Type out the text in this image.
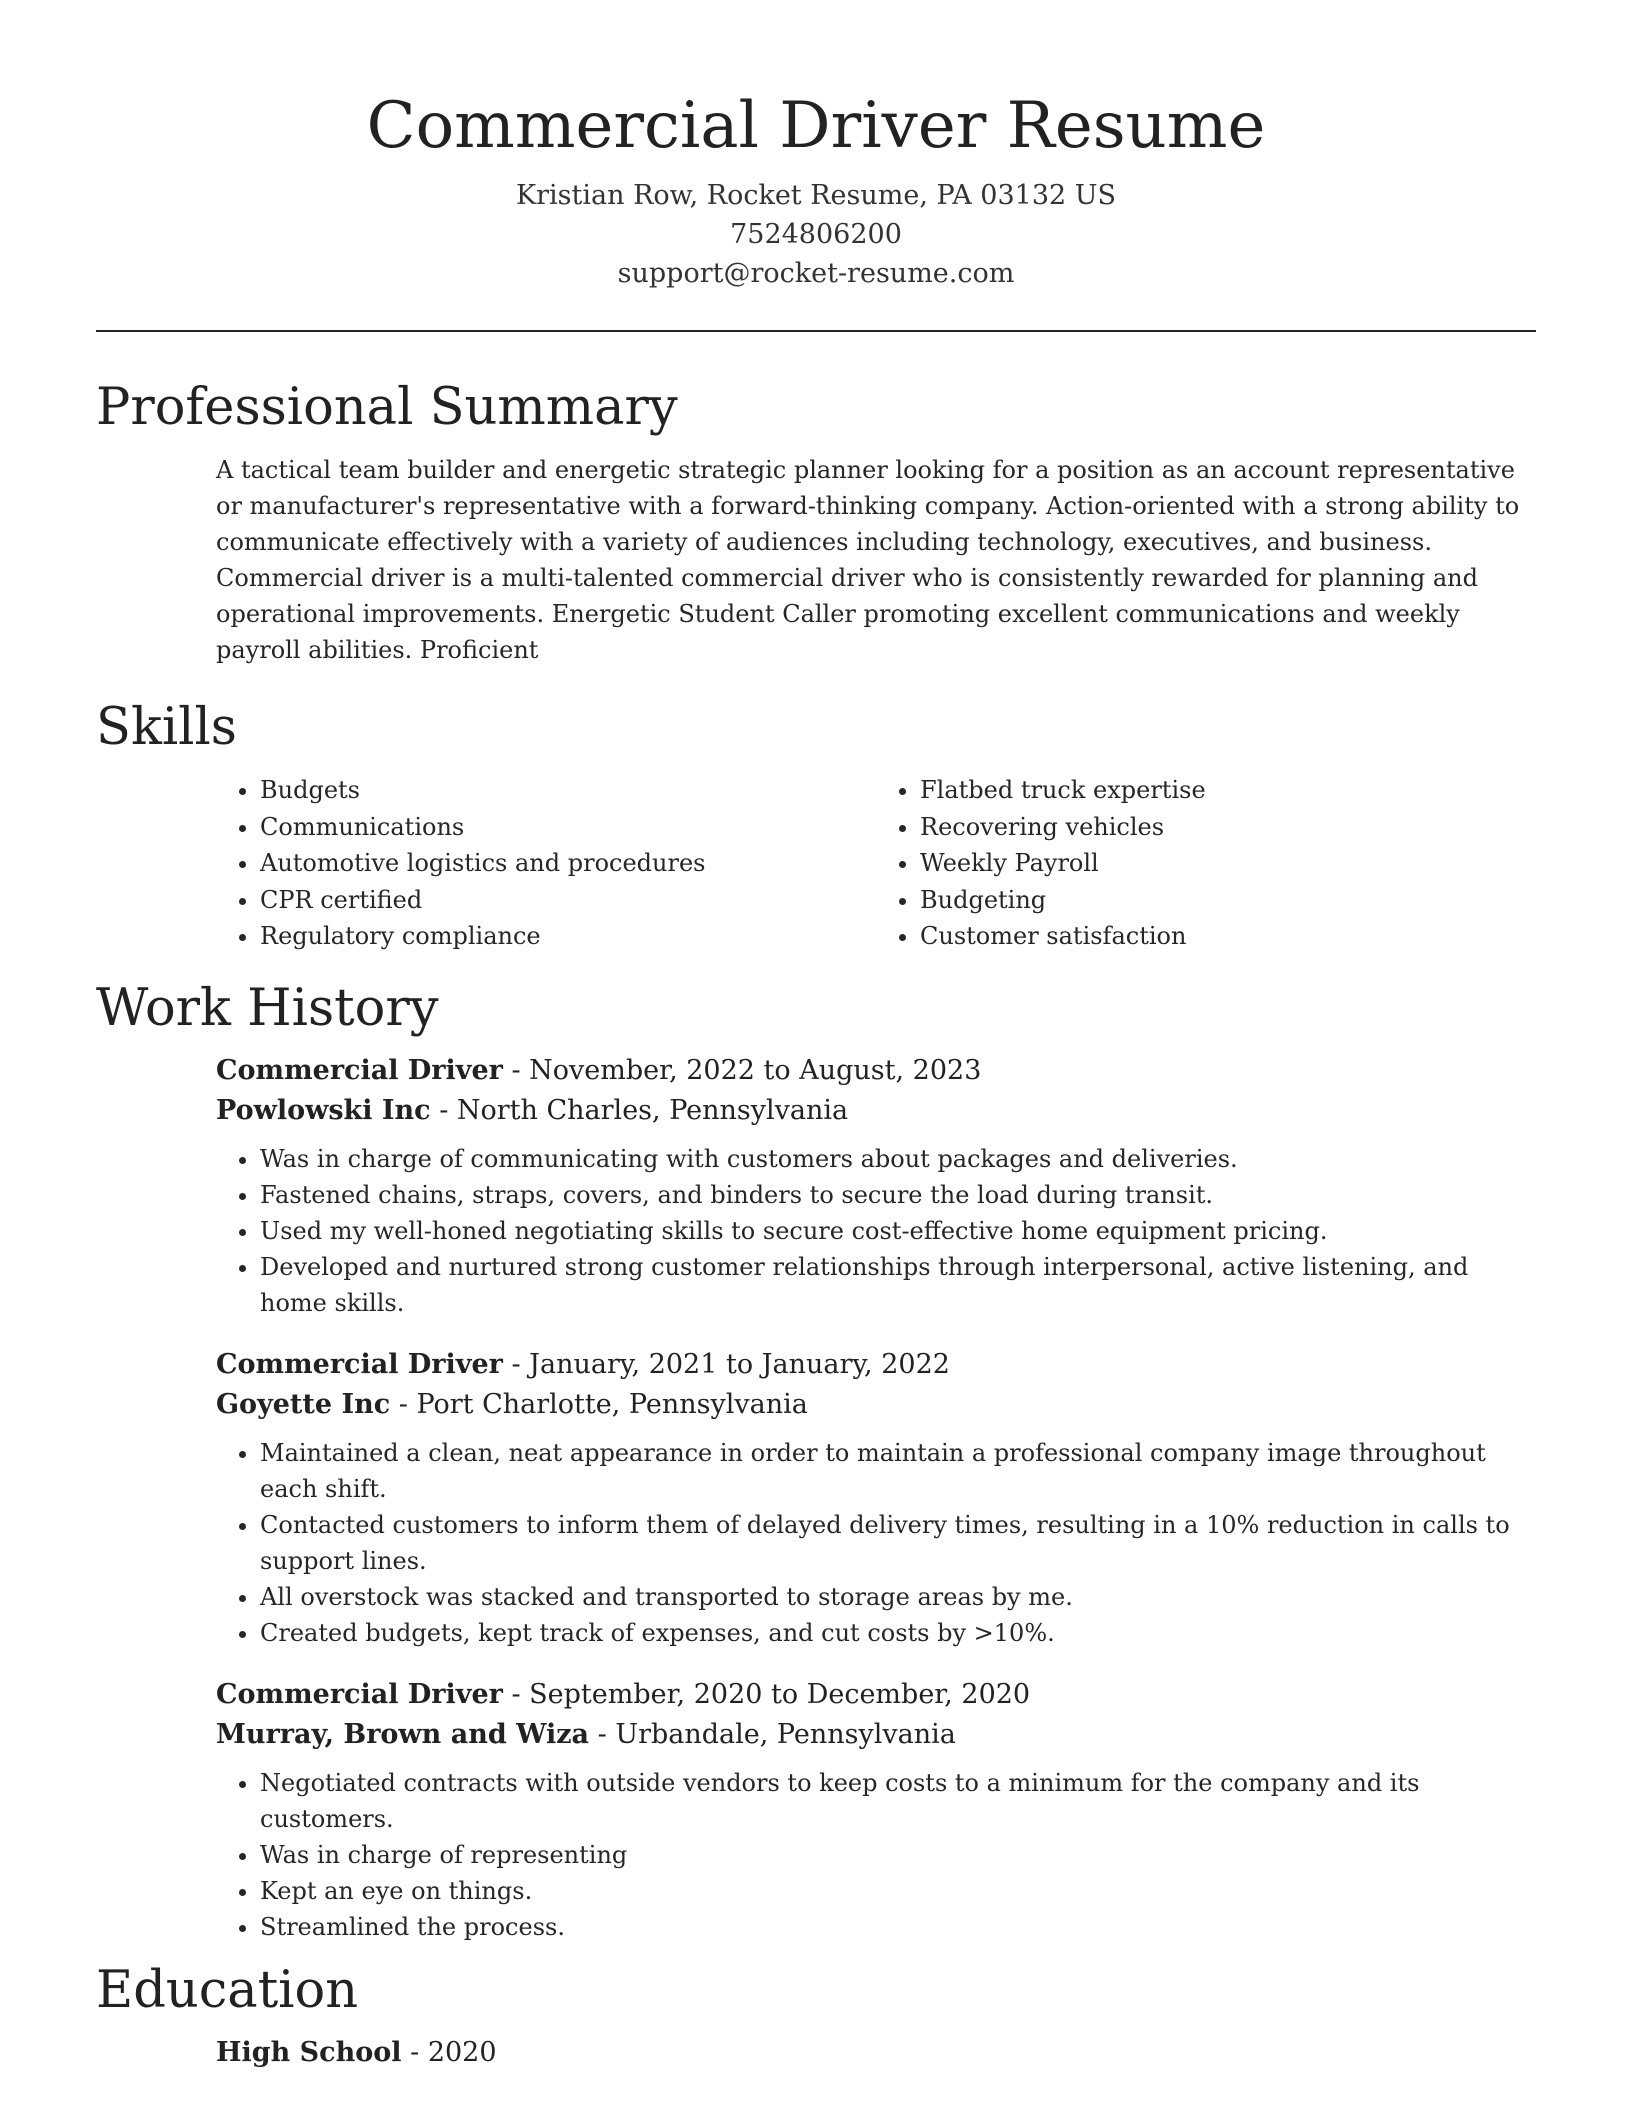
Commercial Driver Resume
Kristian Row, Rocket Resume, PA 03132 US
7524806200
support@rocket-resume.com
Professional Summary

A tactical team builder and energetic strategic planner looking for a position as an account representative or manufacturer's representative with a forward-thinking company. Action-oriented with a strong ability to communicate effectively with a variety of audiences including technology, executives, and business. Commercial driver is a multi-talented commercial driver who is consistently rewarded for planning and operational improvements. Energetic Student Caller promoting excellent communications and weekly payroll abilities. Proficient

Skills
• Budgets
• Communications
• Automotive logistics and procedures
• CPR certified
• Regulatory compliance
• Flatbed truck expertise
• Recovering vehicles
• Weekly Payroll
• Budgeting
• Customer satisfaction
Work History
Commercial Driver - November, 2022 to August, 2023
Powlowski Inc - North Charles, Pennsylvania
• Was in charge of communicating with customers about packages and deliveries.
• Fastened chains, straps, covers, and binders to secure the load during transit.
• Used my well-honed negotiating skills to secure cost-effective home equipment pricing.
• Developed and nurtured strong customer relationships through interpersonal, active listening, and home skills.
Commercial Driver - January, 2021 to January, 2022
Goyette Inc - Port Charlotte, Pennsylvania
• Maintained a clean, neat appearance in order to maintain a professional company image throughout each shift.
• Contacted customers to inform them of delayed delivery times, resulting in a 10% reduction in calls to support lines.
• All overstock was stacked and transported to storage areas by me.
• Created budgets, kept track of expenses, and cut costs by >10%.
Commercial Driver - September, 2020 to December, 2020
Murray, Brown and Wiza - Urbandale, Pennsylvania
• Negotiated contracts with outside vendors to keep costs to a minimum for the company and its customers.
• Was in charge of representing
• Kept an eye on things.
• Streamlined the process.
Education
High School - 2020
